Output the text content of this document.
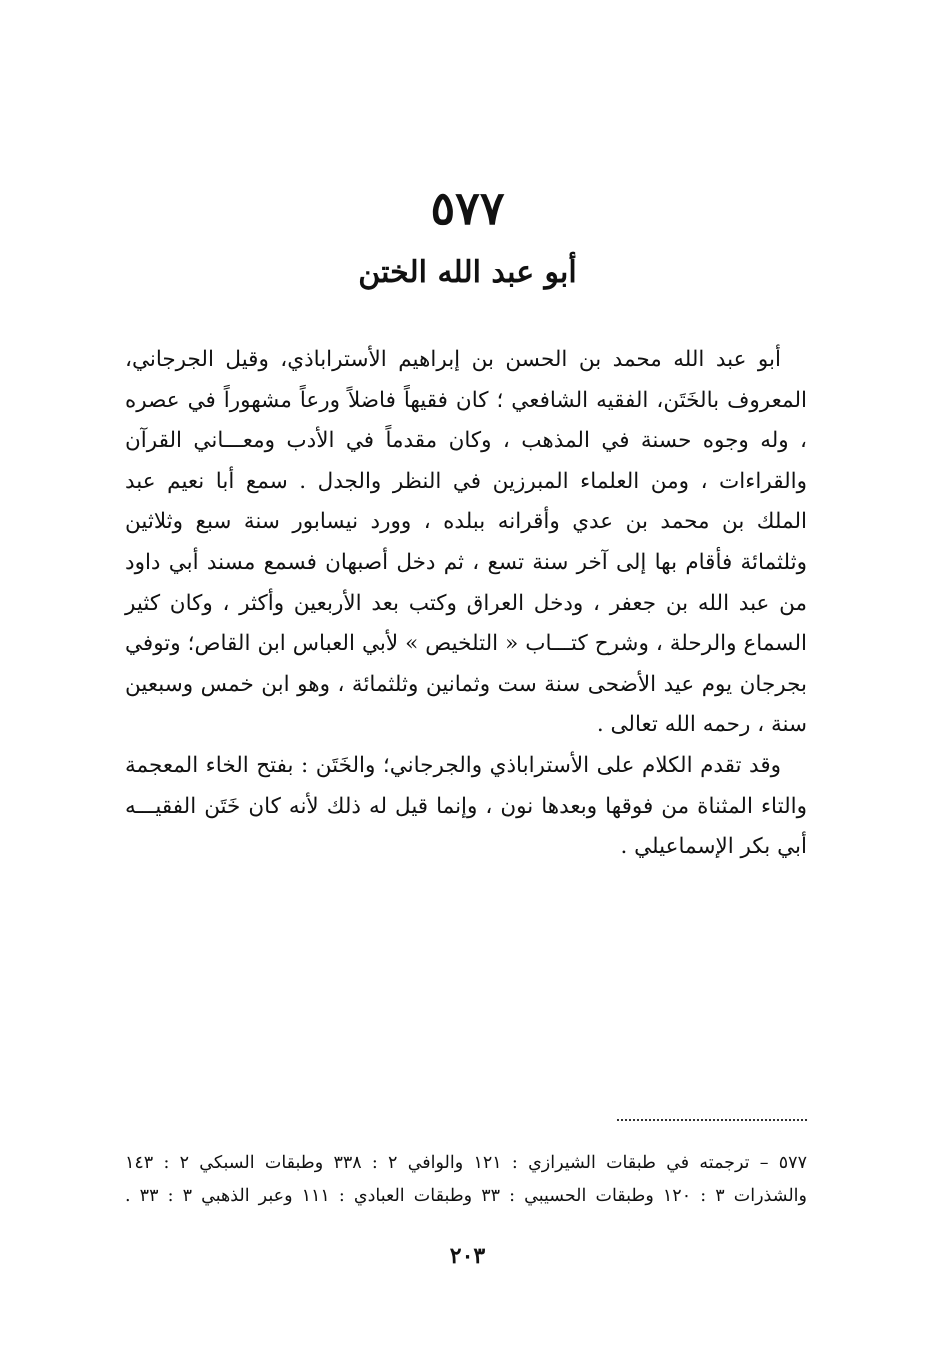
٥٧٧
أبو عبد الله الختن

أبو عبد الله محمد بن الحسن بن إبراهيم الأستراباذي، وقيل الجرجاني، المعروف بالخَتَن، الفقيه الشافعي ؛ كان فقيهاً فاضلاً ورعاً مشهوراً في عصره ، وله وجوه حسنة في المذهب ، وكان مقدماً في الأدب ومعـــاني القرآن والقراءات ، ومن العلماء المبرزين في النظر والجدل . سمع أبا نعيم عبد الملك بن محمد بن عدي وأقرانه ببلده ، وورد نيسابور سنة سبع وثلاثين وثلثمائة فأقام بها إلى آخر سنة تسع ، ثم دخل أصبهان فسمع مسند أبي داود من عبد الله بن جعفر ، ودخل العراق وكتب بعد الأربعين وأكثر ، وكان كثير السماع والرحلة ، وشرح كتـــاب « التلخيص » لأبي العباس ابن القاص؛ وتوفي بجرجان يوم عيد الأضحى سنة ست وثمانين وثلثمائة ، وهو ابن خمس وسبعين سنة ، رحمه الله تعالى .

وقد تقدم الكلام على الأستراباذي والجرجاني؛ والخَتَن : بفتح الخاء المعجمة والتاء المثناة من فوقها وبعدها نون ، وإنما قيل له ذلك لأنه كان خَتَن الفقيـــه أبي بكر الإسماعيلي .

٥٧٧ – ترجمته في طبقات الشيرازي : ١٢١ والوافي ٢ : ٣٣٨ وطبقات السبكي ٢ : ١٤٣
والشذرات ٣ : ١٢٠ وطبقات الحسيبي : ٣٣ وطبقات العبادي : ١١١ وعبر الذهبي ٣ : ٣٣ .
٢٠٣
